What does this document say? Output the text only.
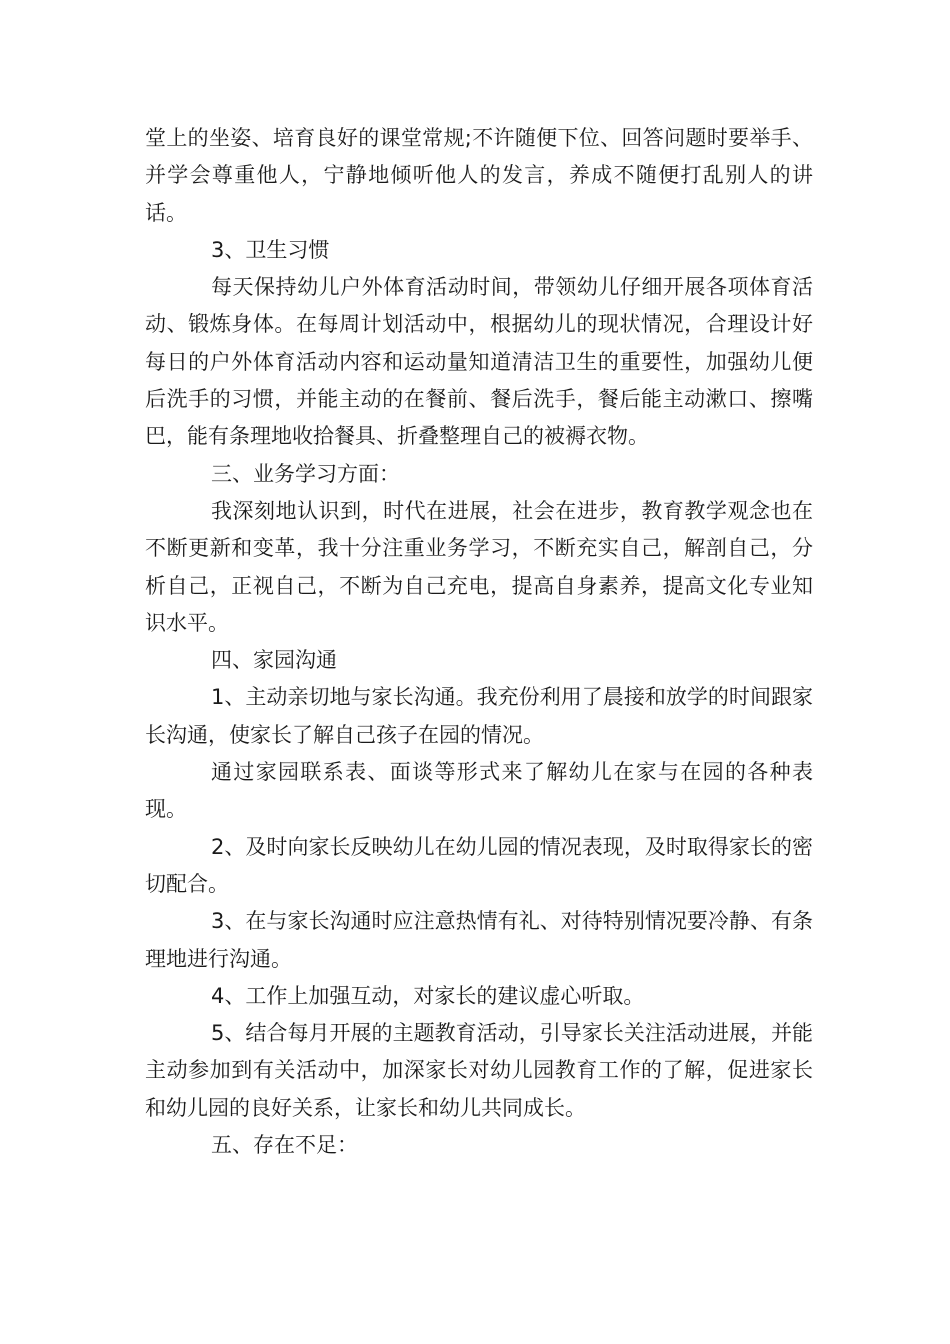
堂上的坐姿、培育良好的课堂常规;不许随便下位、回答问题时要举手、并学会尊重他人，宁静地倾听他人的发言，养成不随便打乱别人的讲话。

3、卫生习惯

每天保持幼儿户外体育活动时间，带领幼儿仔细开展各项体育活动、锻炼身体。在每周计划活动中，根据幼儿的现状情况，合理设计好每日的户外体育活动内容和运动量知道清洁卫生的重要性，加强幼儿便后洗手的习惯，并能主动的在餐前、餐后洗手，餐后能主动漱口、擦嘴巴，能有条理地收拾餐具、折叠整理自己的被褥衣物。

三、业务学习方面：

我深刻地认识到，时代在进展，社会在进步，教育教学观念也在不断更新和变革，我十分注重业务学习，不断充实自己，解剖自己，分析自己，正视自己，不断为自己充电，提高自身素养，提高文化专业知识水平。

四、家园沟通

1、主动亲切地与家长沟通。我充份利用了晨接和放学的时间跟家长沟通，使家长了解自己孩子在园的情况。

通过家园联系表、面谈等形式来了解幼儿在家与在园的各种表现。

2、及时向家长反映幼儿在幼儿园的情况表现，及时取得家长的密切配合。

3、在与家长沟通时应注意热情有礼、对待特别情况要冷静、有条理地进行沟通。

4、工作上加强互动，对家长的建议虚心听取。

5、结合每月开展的主题教育活动，引导家长关注活动进展，并能主动参加到有关活动中，加深家长对幼儿园教育工作的了解，促进家长和幼儿园的良好关系，让家长和幼儿共同成长。

五、存在不足：
